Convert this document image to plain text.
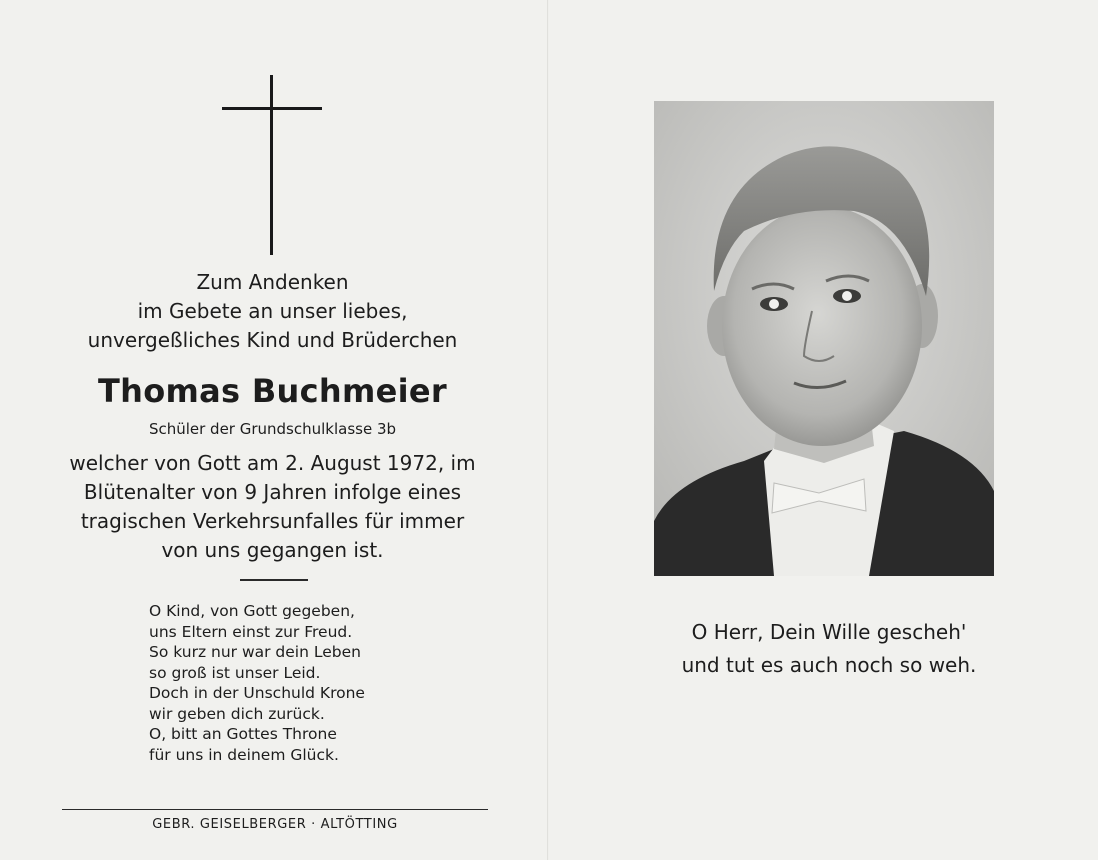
Zum Andenken
im Gebete an unser liebes,
unvergeßliches Kind und Brüderchen
Thomas Buchmeier
Schüler der Grundschulklasse 3b
welcher von Gott am 2. August 1972, im
Blütenalter von 9 Jahren infolge eines
tragischen Verkehrsunfalles für immer
von uns gegangen ist.
O Kind, von Gott gegeben,
uns Eltern einst zur Freud.
So kurz nur war dein Leben
so groß ist unser Leid.
Doch in der Unschuld Krone
wir geben dich zurück.
O, bitt an Gottes Throne
für uns in deinem Glück.
GEBR. GEISELBERGER · ALTÖTTING
O Herr, Dein Wille gescheh'
und tut es auch noch so weh.
